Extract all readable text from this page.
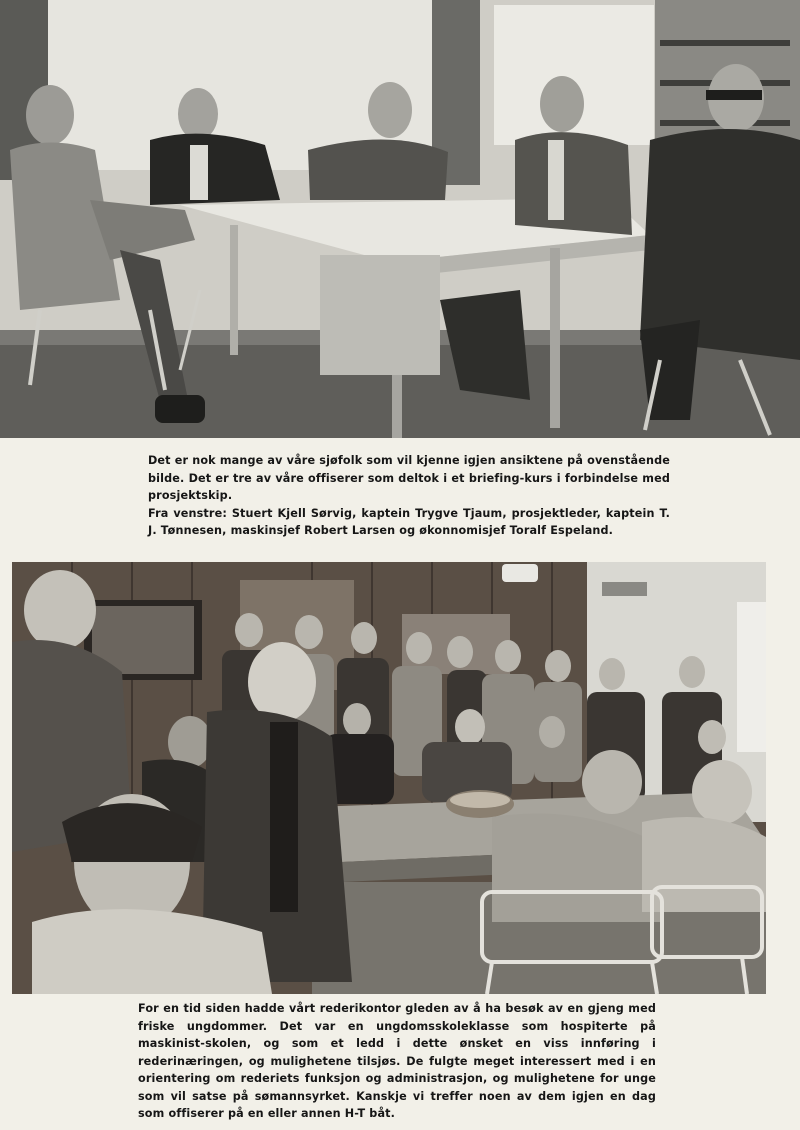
Det er nok mange av våre sjøfolk som vil kjenne igjen ansiktene på ovenstående bilde. Det er tre av våre offiserer som deltok i et briefing-kurs i forbindelse med prosjektskip.

Fra venstre: Stuert Kjell Sørvig, kaptein Trygve Tjaum, prosjektleder, kaptein T. J. Tønnesen, maskinsjef Robert Larsen og økonnomisjef Toralf Espeland.

For en tid siden hadde vårt rederikontor gleden av å ha besøk av en gjeng med friske ungdommer. Det var en ungdomsskoleklasse som hospiterte på maskinist-skolen, og som et ledd i dette ønsket en viss innføring i rederinæringen, og mulighetene tilsjøs. De fulgte meget interessert med i en orientering om rederiets funksjon og administrasjon, og mulighetene for unge som vil satse på sømannsyrket. Kanskje vi treffer noen av dem igjen en dag som offiserer på en eller annen H-T båt.
